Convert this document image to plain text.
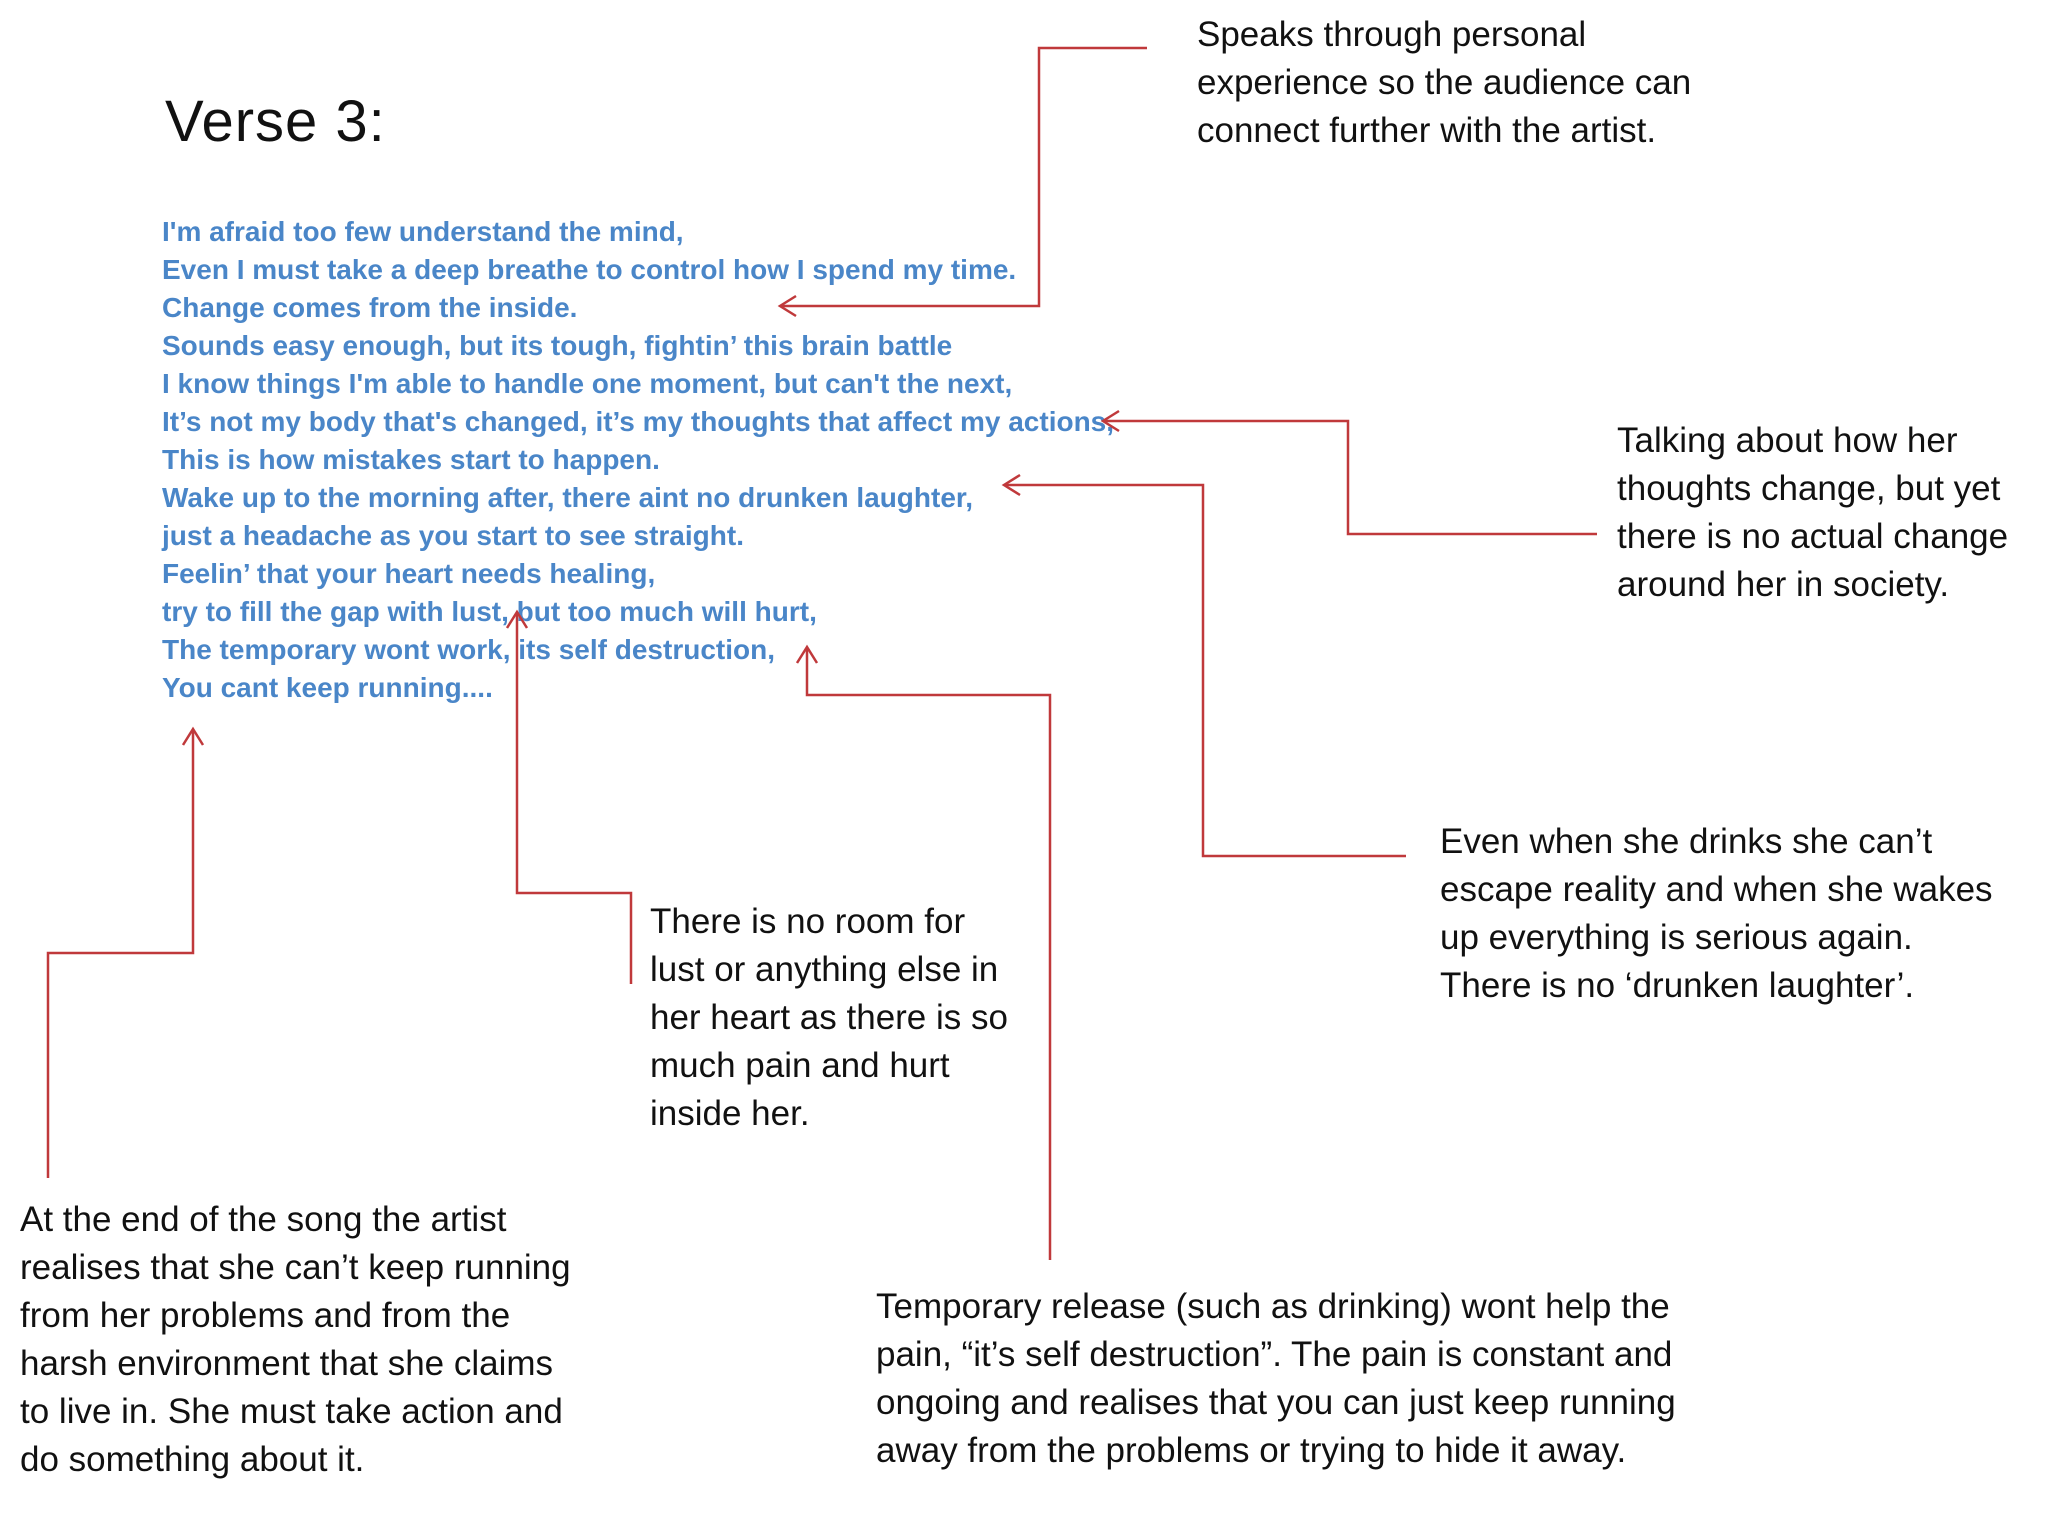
Verse 3:
I'm afraid too few understand the mind,
Even I must take a deep breathe to control how I spend my time.
Change comes from the inside.
Sounds easy enough, but its tough, fightin’ this brain battle
I know things I'm able to handle one moment, but can't the next,
It’s not my body that's changed, it’s my thoughts that affect my actions,
This is how mistakes start to happen.
Wake up to the morning after, there aint no drunken laughter,
just a headache as you start to see straight.
Feelin’ that your heart needs healing,
try to fill the gap with lust, but too much will hurt,
The temporary wont work, its self destruction,
You cant keep running....

Speaks through personal experience so the audience can connect further with the artist.

Talking about how her thoughts change, but yet there is no actual change around her in society.

Even when she drinks she can’t escape reality and when she wakes up everything is serious again. There is no ‘drunken laughter’.

There is no room for lust or anything else in her heart as there is so much pain and hurt inside her.

At the end of the song the artist realises that she can’t keep running from her problems and from the harsh environment that she claims to live in. She must take action and do something about it.

Temporary release (such as drinking) wont help the pain, “it’s self destruction”. The pain is constant and ongoing and realises that you can just keep running away from the problems or trying to hide it away.
